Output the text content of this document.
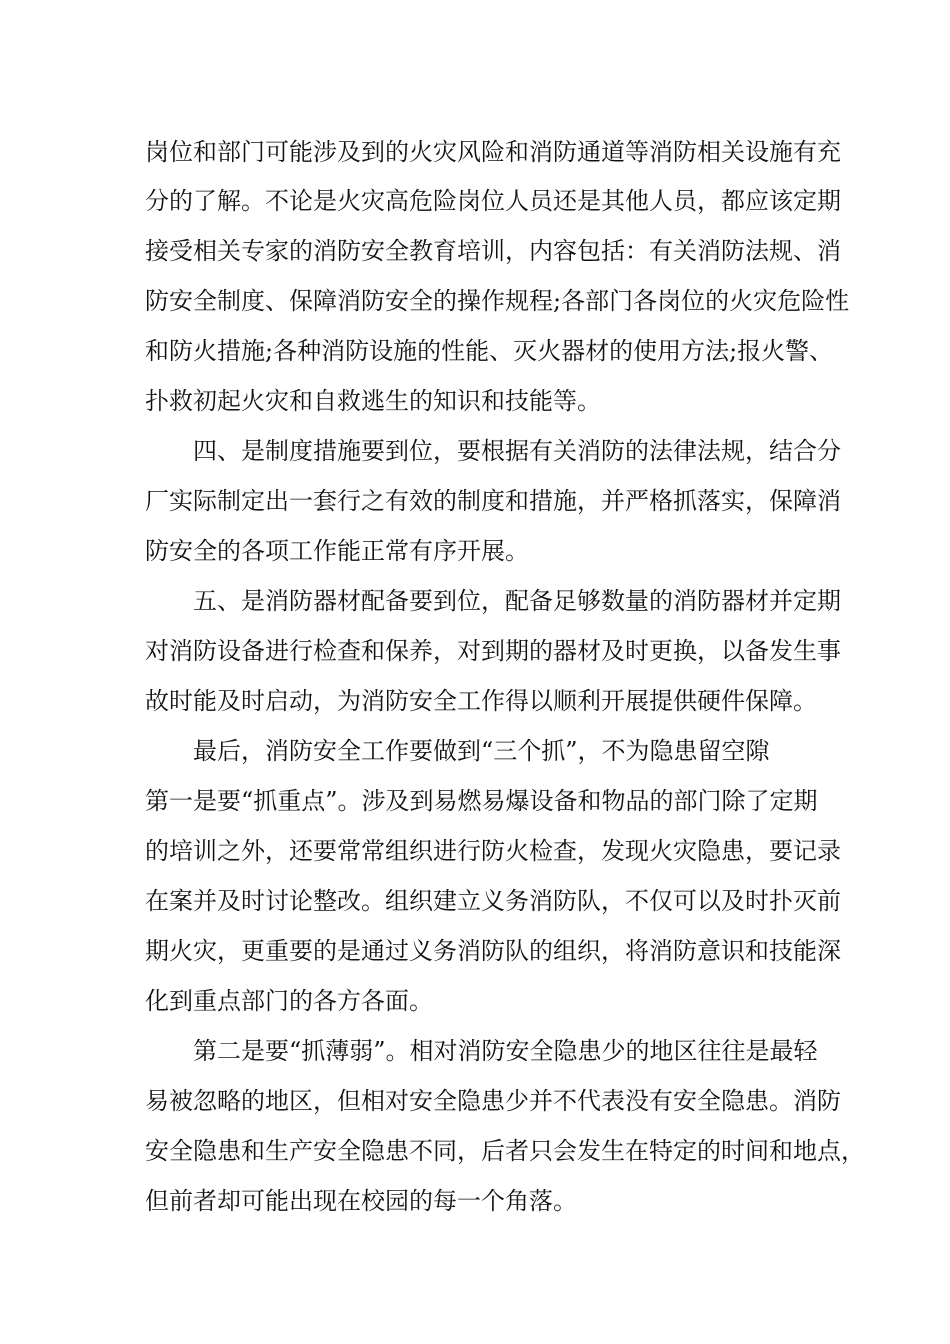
岗位和部门可能涉及到的火灾风险和消防通道等消防相关设施有充

分的了解。不论是火灾高危险岗位人员还是其他人员，都应该定期

接受相关专家的消防安全教育培训，内容包括：有关消防法规、消

防安全制度、保障消防安全的操作规程;各部门各岗位的火灾危险性

和防火措施;各种消防设施的性能、灭火器材的使用方法;报火警、

扑救初起火灾和自救逃生的知识和技能等。

四、是制度措施要到位，要根据有关消防的法律法规，结合分

厂实际制定出一套行之有效的制度和措施，并严格抓落实，保障消

防安全的各项工作能正常有序开展。

五、是消防器材配备要到位，配备足够数量的消防器材并定期

对消防设备进行检查和保养，对到期的器材及时更换，以备发生事

故时能及时启动，为消防安全工作得以顺利开展提供硬件保障。

最后，消防安全工作要做到“三个抓”，不为隐患留空隙

第一是要“抓重点”。涉及到易燃易爆设备和物品的部门除了定期

的培训之外，还要常常组织进行防火检查，发现火灾隐患，要记录

在案并及时讨论整改。组织建立义务消防队，不仅可以及时扑灭前

期火灾，更重要的是通过义务消防队的组织，将消防意识和技能深

化到重点部门的各方各面。

第二是要“抓薄弱”。相对消防安全隐患少的地区往往是最轻

易被忽略的地区，但相对安全隐患少并不代表没有安全隐患。消防

安全隐患和生产安全隐患不同，后者只会发生在特定的时间和地点，

但前者却可能出现在校园的每一个角落。
